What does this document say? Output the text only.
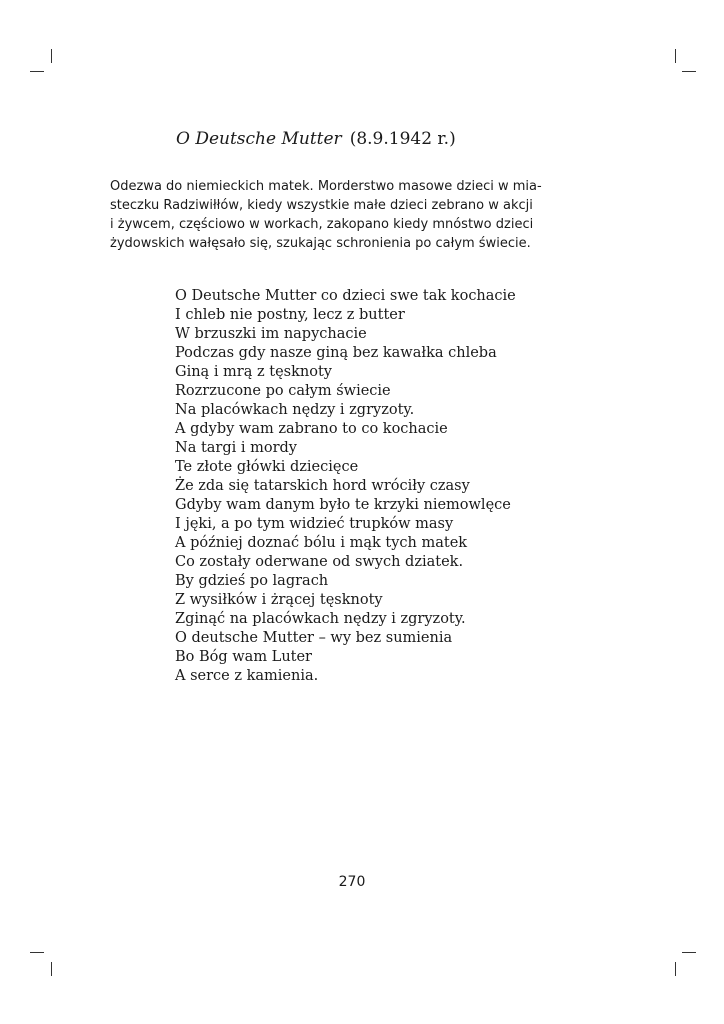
O Deutsche Mutter (8.9.1942 r.)
Odezwa do niemieckich matek. Morderstwo masowe dzieci w mia-
steczku Radziwiłłów, kiedy wszystkie małe dzieci zebrano w akcji
i żywcem, częściowo w workach, zakopano kiedy mnóstwo dzieci
żydowskich wałęsało się, szukając schronienia po całym świecie.
O Deutsche Mutter co dzieci swe tak kochacie
I chleb nie postny, lecz z butter
W brzuszki im napychacie
Podczas gdy nasze giną bez kawałka chleba
Giną i mrą z tęsknoty
Rozrzucone po całym świecie
Na placówkach nędzy i zgryzoty.
A gdyby wam zabrano to co kochacie
Na targi i mordy
Te złote główki dziecięce
Że zda się tatarskich hord wróciły czasy
Gdyby wam danym było te krzyki niemowlęce
I jęki, a po tym widzieć trupków masy
A później doznać bólu i mąk tych matek
Co zostały oderwane od swych dziatek.
By gdzieś po lagrach
Z wysiłków i żrącej tęsknoty
Zginąć na placówkach nędzy i zgryzoty.
O deutsche Mutter – wy bez sumienia
Bo Bóg wam Luter
A serce z kamienia.
270
